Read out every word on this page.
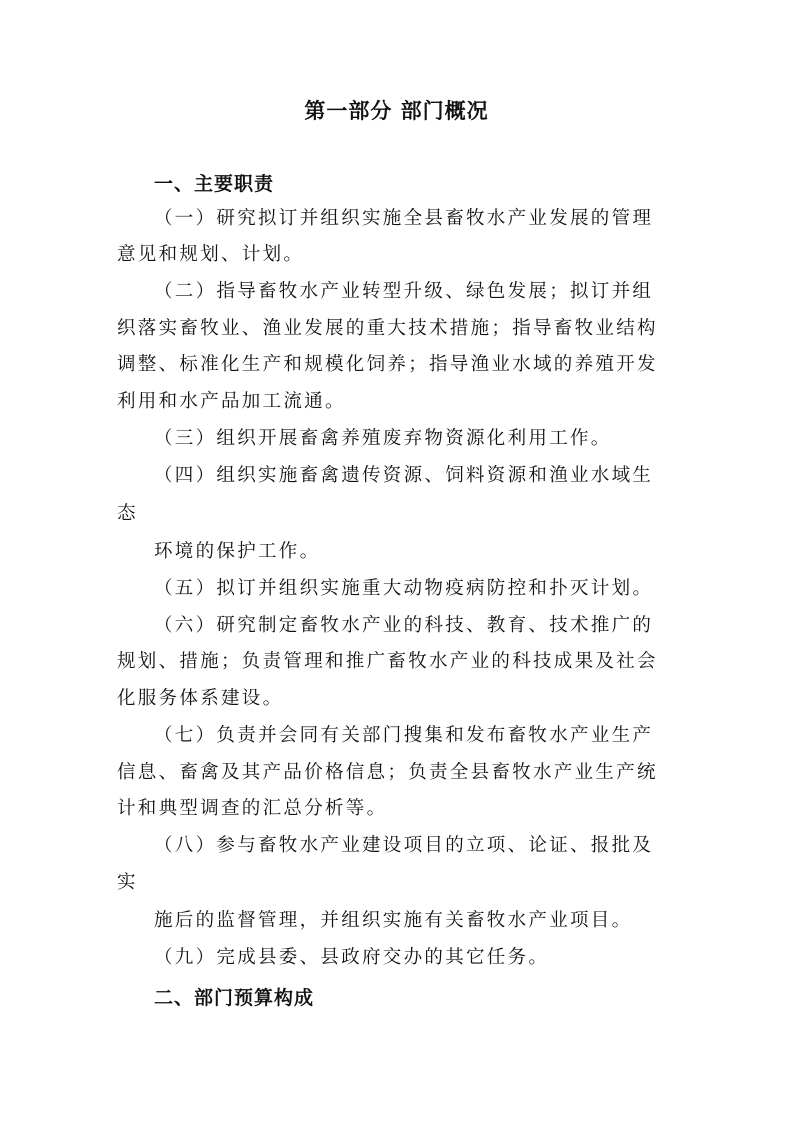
第一部分 部门概况
一、主要职责
（一）研究拟订并组织实施全县畜牧水产业发展的管理
意见和规划、计划。
（二）指导畜牧水产业转型升级、绿色发展；拟订并组
织落实畜牧业、渔业发展的重大技术措施；指导畜牧业结构
调整、标准化生产和规模化饲养；指导渔业水域的养殖开发
利用和水产品加工流通。
（三）组织开展畜禽养殖废弃物资源化利用工作。
（四）组织实施畜禽遗传资源、饲料资源和渔业水域生
态
环境的保护工作。
（五）拟订并组织实施重大动物疫病防控和扑灭计划。
（六）研究制定畜牧水产业的科技、教育、技术推广的
规划、措施；负责管理和推广畜牧水产业的科技成果及社会
化服务体系建设。
（七）负责并会同有关部门搜集和发布畜牧水产业生产
信息、畜禽及其产品价格信息；负责全县畜牧水产业生产统
计和典型调查的汇总分析等。
（八）参与畜牧水产业建设项目的立项、论证、报批及
实
施后的监督管理，并组织实施有关畜牧水产业项目。
（九）完成县委、县政府交办的其它任务。
二、部门预算构成
